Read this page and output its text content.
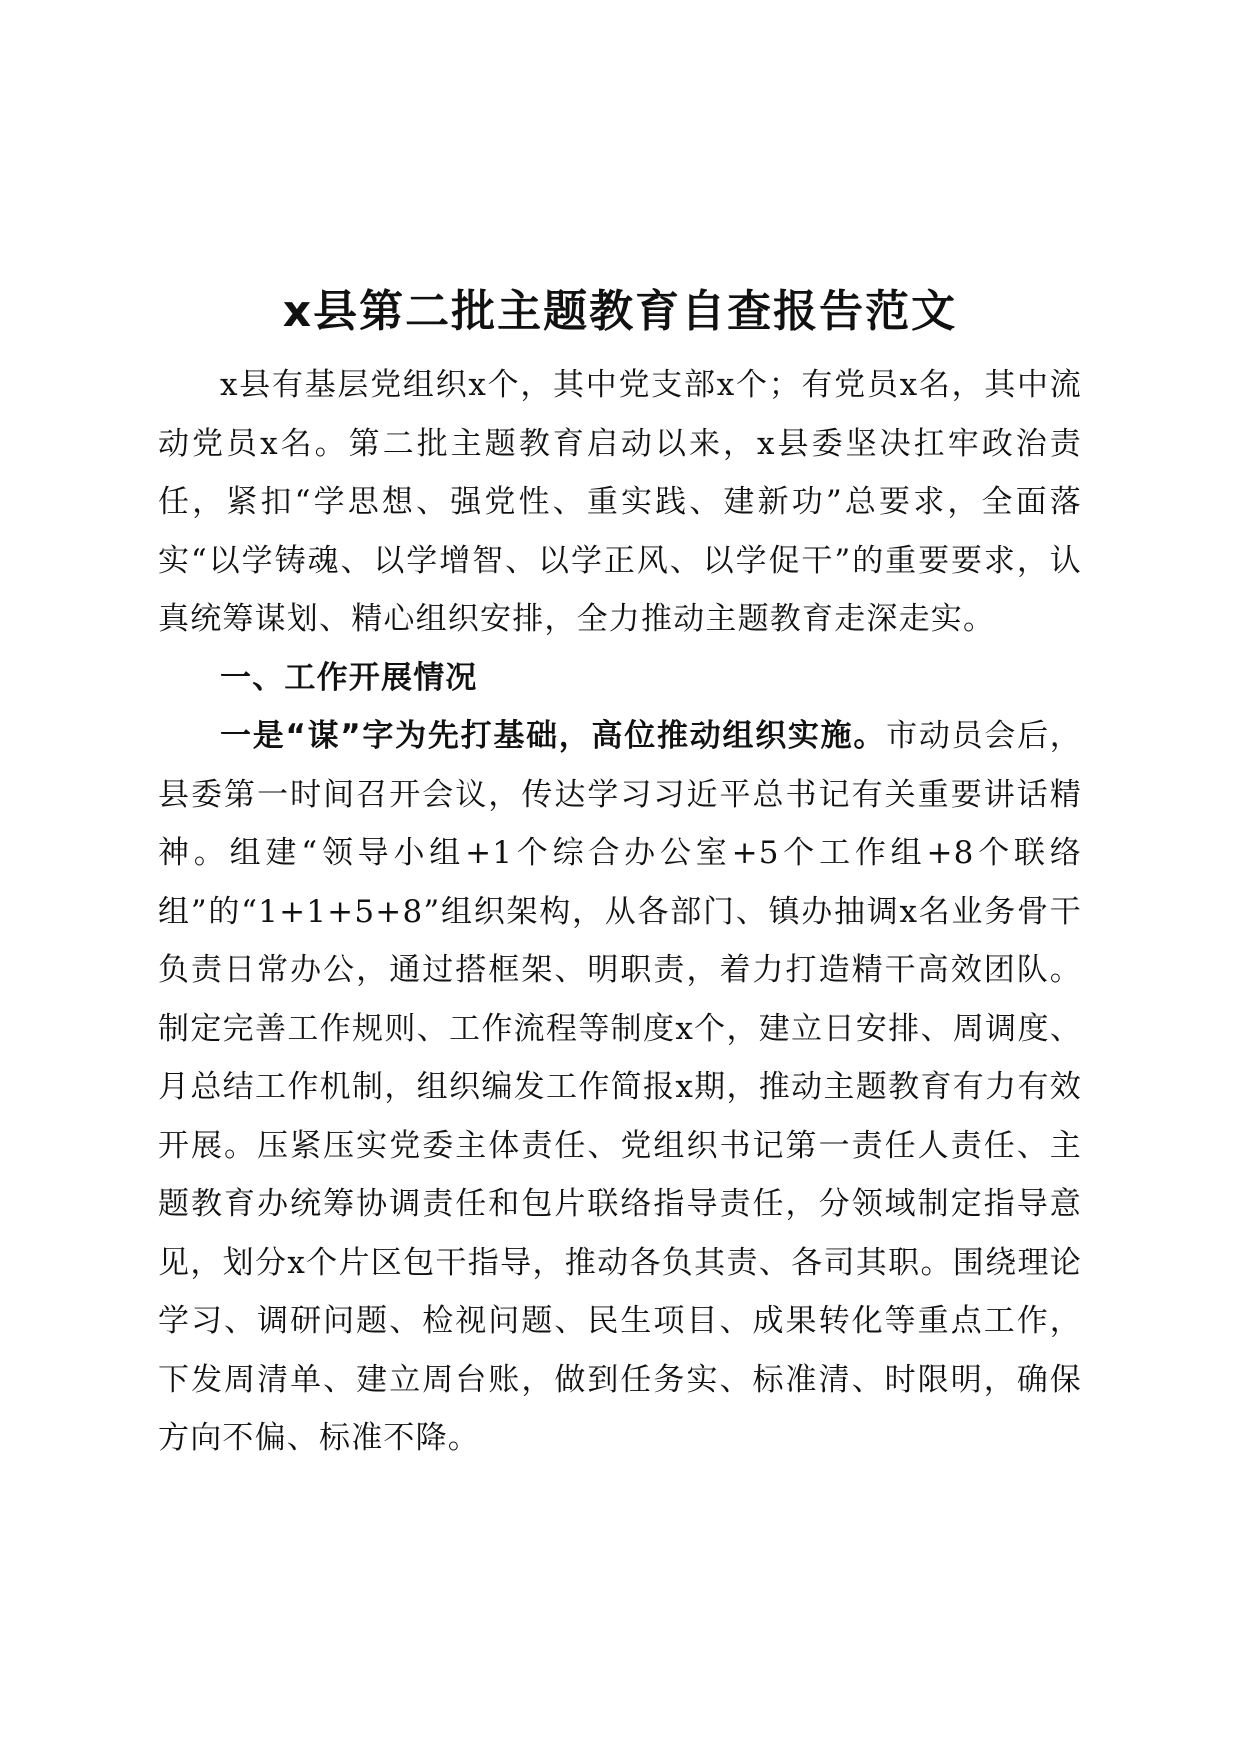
x县第二批主题教育自查报告范文

x县有基层党组织x个，其中党支部x个；有党员x名，其中流动党员x名。第二批主题教育启动以来，x县委坚决扛牢政治责任，紧扣“学思想、强党性、重实践、建新功”总要求，全面落实“以学铸魂、以学增智、以学正风、以学促干”的重要要求，认真统筹谋划、精心组织安排，全力推动主题教育走深走实。

一、工作开展情况

一是“谋”字为先打基础，高位推动组织实施。市动员会后，县委第一时间召开会议，传达学习习近平总书记有关重要讲话精神。组建“领导小组+1个综合办公室+5个工作组+8个联络组”的“1+1+5+8”组织架构，从各部门、镇办抽调x名业务骨干负责日常办公，通过搭框架、明职责，着力打造精干高效团队。制定完善工作规则、工作流程等制度x个，建立日安排、周调度、月总结工作机制，组织编发工作简报x期，推动主题教育有力有效开展。压紧压实党委主体责任、党组织书记第一责任人责任、主题教育办统筹协调责任和包片联络指导责任，分领域制定指导意见，划分x个片区包干指导，推动各负其责、各司其职。围绕理论学习、调研问题、检视问题、民生项目、成果转化等重点工作，下发周清单、建立周台账，做到任务实、标准清、时限明，确保方向不偏、标准不降。
